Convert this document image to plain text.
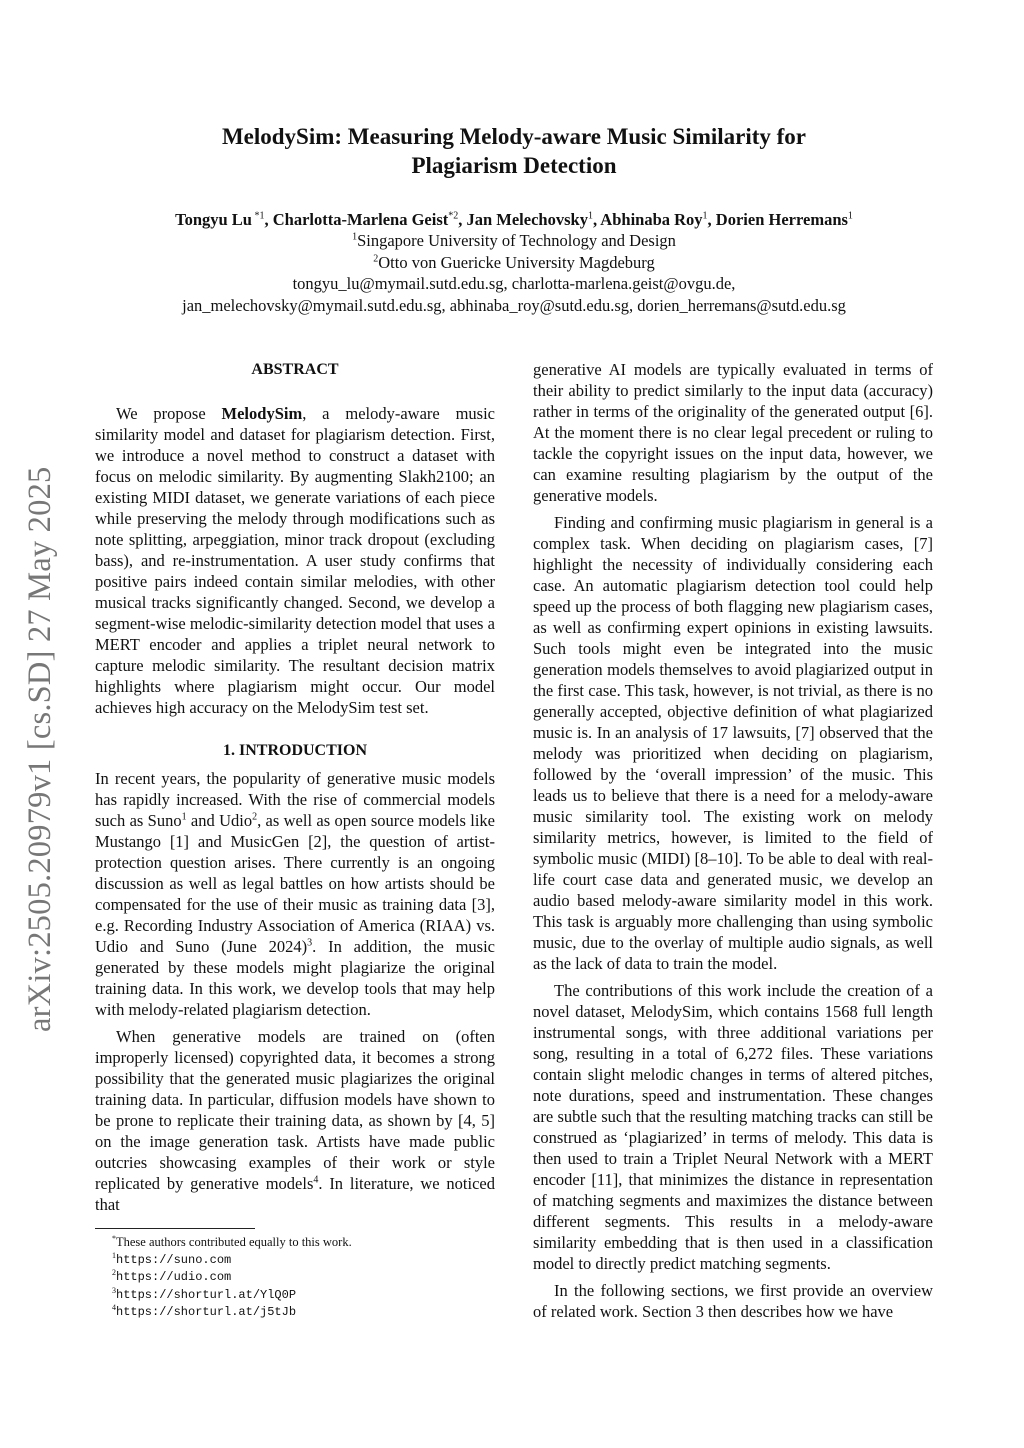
arXiv:2505.20979v1 [cs.SD] 27 May 2025
MelodySim: Measuring Melody-aware Music Similarity for
Plagiarism Detection
Tongyu Lu $^{*1}$, Charlotta-Marlena Geist$^{*2}$, Jan Melechovsky$^1$, Abhinaba Roy$^1$, Dorien Herremans$^1$
$^1$Singapore University of Technology and Design
$^2$Otto von Guericke University Magdeburg
tongyu_lu@mymail.sutd.edu.sg, charlotta-marlena.geist@ovgu.de,
jan_melechovsky@mymail.sutd.edu.sg, abhinaba_roy@sutd.edu.sg, dorien_herremans@sutd.edu.sg
ABSTRACT

We propose MelodySim, a melody-aware music similarity model and dataset for plagiarism detection. First, we introduce a novel method to construct a dataset with focus on melodic similarity. By augmenting Slakh2100; an existing MIDI dataset, we generate variations of each piece while preserving the melody through modifications such as note splitting, arpeggiation, minor track dropout (excluding bass), and re-instrumentation. A user study confirms that positive pairs indeed contain similar melodies, with other musical tracks significantly changed. Second, we develop a segment-wise melodic-similarity detection model that uses a MERT encoder and applies a triplet neural network to capture melodic similarity. The resultant decision matrix highlights where plagiarism might occur. Our model achieves high accuracy on the MelodySim test set.

1. INTRODUCTION

In recent years, the popularity of generative music models has rapidly increased. With the rise of commercial models such as Suno$^1$ and Udio$^2$, as well as open source models like Mustango [1] and MusicGen [2], the question of artist-protection question arises. There currently is an ongoing discussion as well as legal battles on how artists should be compensated for the use of their music as training data [3], e.g. Recording Industry Association of America (RIAA) vs. Udio and Suno (June 2024)$^3$. In addition, the music generated by these models might plagiarize the original training data. In this work, we develop tools that may help with melody-related plagiarism detection.

When generative models are trained on (often improperly licensed) copyrighted data, it becomes a strong possibility that the generated music plagiarizes the original training data. In particular, diffusion models have shown to be prone to replicate their training data, as shown by [4, 5] on the image generation task. Artists have made public outcries showcasing examples of their work or style replicated by generative models$^4$. In literature, we noticed that

generative AI models are typically evaluated in terms of their ability to predict similarly to the input data (accuracy) rather in terms of the originality of the generated output [6]. At the moment there is no clear legal precedent or ruling to tackle the copyright issues on the input data, however, we can examine resulting plagiarism by the output of the generative models.

Finding and confirming music plagiarism in general is a complex task. When deciding on plagiarism cases, [7] highlight the necessity of individually considering each case. An automatic plagiarism detection tool could help speed up the process of both flagging new plagiarism cases, as well as confirming expert opinions in existing lawsuits. Such tools might even be integrated into the music generation models themselves to avoid plagiarized output in the first case. This task, however, is not trivial, as there is no generally accepted, objective definition of what plagiarized music is. In an analysis of 17 lawsuits, [7] observed that the melody was prioritized when deciding on plagiarism, followed by the ‘overall impression’ of the music. This leads us to believe that there is a need for a melody-aware music similarity tool. The existing work on melody similarity metrics, however, is limited to the field of symbolic music (MIDI) [8–10]. To be able to deal with real-life court case data and generated music, we develop an audio based melody-aware similarity model in this work. This task is arguably more challenging than using symbolic music, due to the overlay of multiple audio signals, as well as the lack of data to train the model.

The contributions of this work include the creation of a novel dataset, MelodySim, which contains 1568 full length instrumental songs, with three additional variations per song, resulting in a total of 6,272 files. These variations contain slight melodic changes in terms of altered pitches, note durations, speed and instrumentation. These changes are subtle such that the resulting matching tracks can still be construed as ‘plagiarized’ in terms of melody. This data is then used to train a Triplet Neural Network with a MERT encoder [11], that minimizes the distance in representation of matching segments and maximizes the distance between different segments. This results in a melody-aware similarity embedding that is then used in a classification model to directly predict matching segments.

In the following sections, we first provide an overview of related work. Section 3 then describes how we have

*These authors contributed equally to this work.
$^1$https://suno.com
$^2$https://udio.com
$^3$https://shorturl.at/YlQ0P
$^4$https://shorturl.at/j5tJb
